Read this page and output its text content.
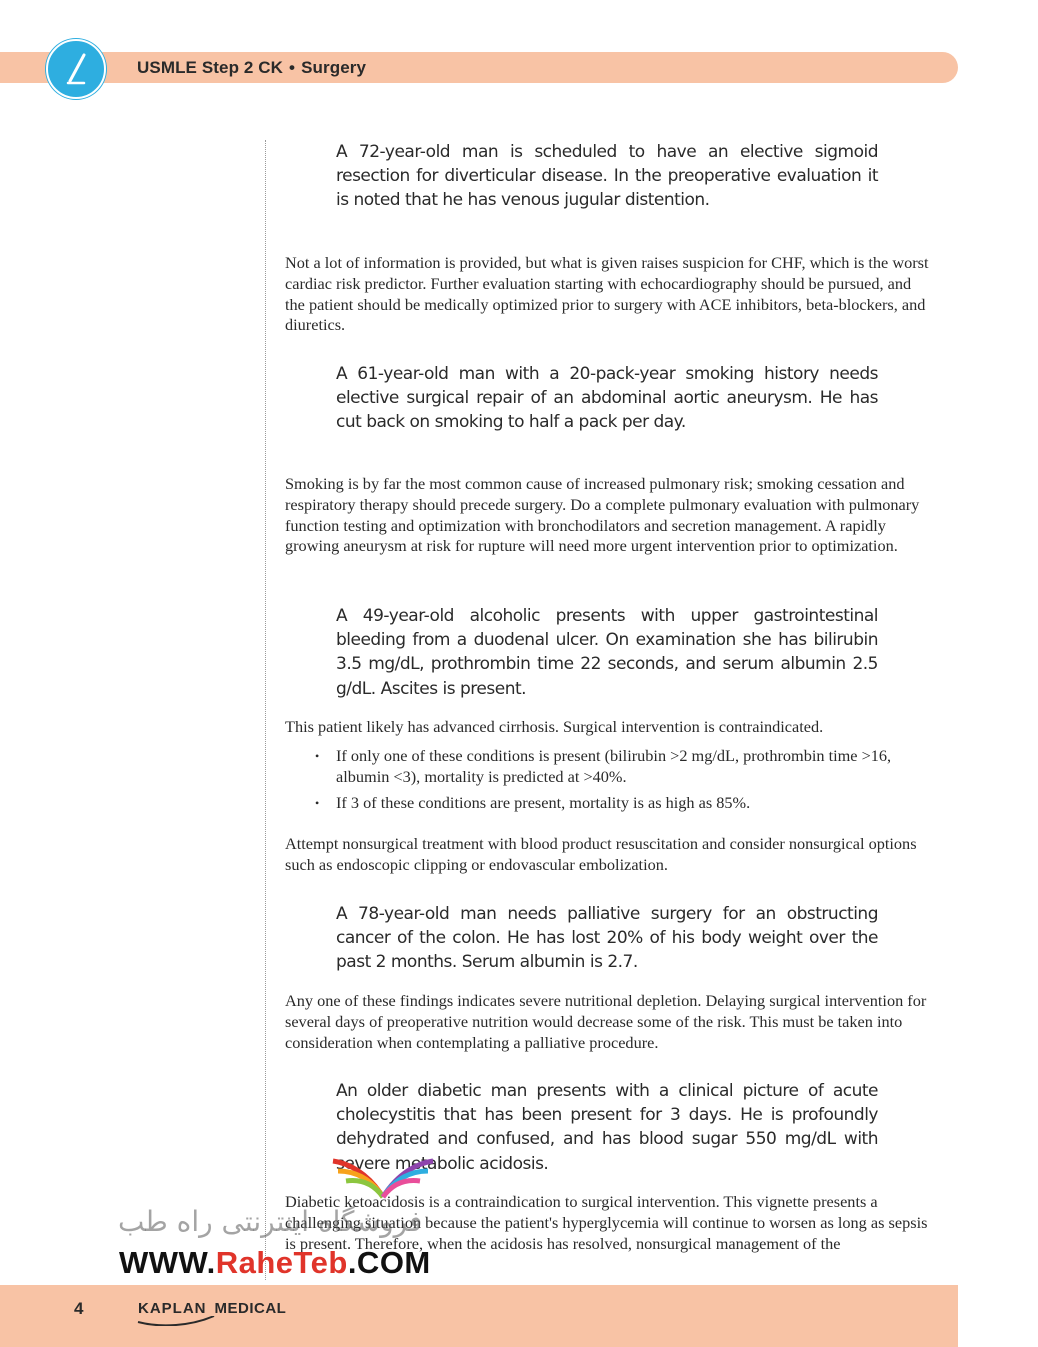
USMLE Step 2 CK • Surgery
A 72-year-old man is scheduled to have an elective sigmoid resection for diverticular disease. In the preoperative evaluation it is noted that he has venous jugular distention.
Not a lot of information is provided, but what is given raises suspicion for CHF, which is the worst cardiac risk predictor. Further evaluation starting with echocardiography should be pursued, and the patient should be medically optimized prior to surgery with ACE inhibitors, beta-blockers, and diuretics.
A 61-year-old man with a 20-pack-year smoking history needs elective surgical repair of an abdominal aortic aneurysm. He has cut back on smoking to half a pack per day.
Smoking is by far the most common cause of increased pulmonary risk; smoking cessation and respiratory therapy should precede surgery. Do a complete pulmonary evaluation with pulmonary function testing and optimization with bronchodilators and secretion management. A rapidly growing aneurysm at risk for rupture will need more urgent intervention prior to optimization.
A 49-year-old alcoholic presents with upper gastrointestinal bleeding from a duodenal ulcer. On examination she has bilirubin 3.5 mg/dL, prothrombin time 22 seconds, and serum albumin 2.5 g/dL. Ascites is present.
This patient likely has advanced cirrhosis. Surgical intervention is contraindicated.
• If only one of these conditions is present (bilirubin >2 mg/dL, prothrombin time >16, albumin <3), mortality is predicted at >40%.
• If 3 of these conditions are present, mortality is as high as 85%.
Attempt nonsurgical treatment with blood product resuscitation and consider nonsurgical options such as endoscopic clipping or endovascular embolization.
A 78-year-old man needs palliative surgery for an obstructing cancer of the colon. He has lost 20% of his body weight over the past 2 months. Serum albumin is 2.7.
Any one of these findings indicates severe nutritional depletion. Delaying surgical intervention for several days of preoperative nutrition would decrease some of the risk. This must be taken into consideration when contemplating a palliative procedure.
An older diabetic man presents with a clinical picture of acute cholecystitis that has been present for 3 days. He is profoundly dehydrated and confused, and has blood sugar 550 mg/dL with severe metabolic acidosis.
Diabetic ketoacidosis is a contraindication to surgical intervention. This vignette presents a challenging situation because the patient's hyperglycemia will continue to worsen as long as sepsis is present. Therefore, when the acidosis has resolved, nonsurgical management of the
فروشگاه اینترنتی راه طب
WWW.RaheTeb.COM
4	KAPLAN MEDICAL
